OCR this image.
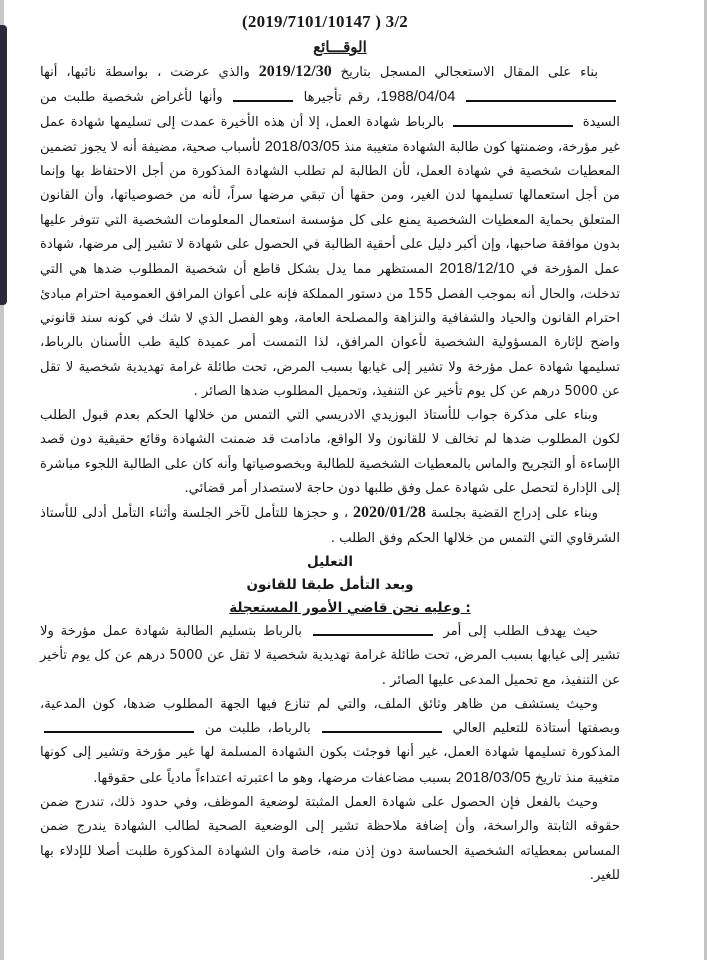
(2019/7101/10147 ) 3/2
الوقـــائع

بناء على المقال الاستعجالي المسجل بتاريخ 2019/12/30 والذي عرضت ، بواسطة نائبها، أنها  1988/04/04، رقم تأجيرها  وأنها لأغراض شخصية طلبت من السيدة  بالرباط شهادة العمل، إلا أن هذه الأخيرة عمدت إلى تسليمها شهادة عمل غير مؤرخة، وضمنتها كون طالبة الشهادة متغيبة منذ 2018/03/05 لأسباب صحية، مضيفة أنه لا يجوز تضمين المعطيات شخصية في شهادة العمل، لأن الطالبة لم تطلب الشهادة المذكورة من أجل الاحتفاظ بها وإنما من أجل استعمالها تسليمها لدن الغير، ومن حقها أن تبقي مرضها سراً، لأنه من خصوصياتها، وأن القانون المتعلق بحماية المعطيات الشخصية يمنع على كل مؤسسة استعمال المعلومات الشخصية التي تتوفر عليها بدون موافقة صاحبها، وإن أكبر دليل على أحقية الطالبة في الحصول على شهادة لا تشير إلى مرضها، شهادة عمل المؤرخة في 2018/12/10 المستظهر مما يدل بشكل قاطع أن شخصية المطلوب ضدها هي التي تدخلت، والحال أنه بموجب الفصل 155 من دستور المملكة فإنه على أعوان المرافق العمومية احترام مبادئ احترام القانون والحياد والشفافية والنزاهة والمصلحة العامة، وهو الفصل الذي لا شك في كونه سند قانوني واضح لإثارة المسؤولية الشخصية لأعوان المرافق، لذا التمست أمر عميدة كلية طب الأسنان بالرباط، تسليمها شهادة عمل مؤرخة ولا تشير إلى غيابها بسبب المرض، تحت طائلة غرامة تهديدية شخصية لا تقل عن 5000 درهم عن كل يوم تأخير عن التنفيذ، وتحميل المطلوب ضدها الصائر .

وبناء على مذكرة جواب للأستاذ البوزيدي الادريسي التي التمس من خلالها الحكم بعدم قبول الطلب لكون المطلوب ضدها لم تخالف لا للقانون ولا الواقع، مادامت قد ضمنت الشهادة وقائع حقيقية دون قصد الإساءة أو التجريح والماس بالمعطيات الشخصية للطالبة وبخصوصياتها وأنه كان على الطالبة اللجوء مباشرة إلى الإدارة لتحصل على شهادة عمل وفق طلبها دون حاجة لاستصدار أمر قضائي.

وبناء على إدراج القضية بجلسة 2020/01/28 ، و حجزها للتأمل لآخر الجلسة وأثناء التأمل أدلى للأستاذ الشرقاوي التي التمس من خلالها الحكم وفق الطلب .

التعليل
وبعد التأمل طبقا للقانون
وعليه نحن قاضي الأمور المستعجلة :

حيث يهدف الطلب إلى أمر  بالرباط بتسليم الطالبة شهادة عمل مؤرخة ولا تشير إلى غيابها بسبب المرض، تحت طائلة غرامة تهديدية شخصية لا تقل عن 5000 درهم عن كل يوم تأخير عن التنفيذ، مع تحميل المدعى عليها الصائر .

وحيث يستشف من ظاهر وثائق الملف، والتي لم تنازع فيها الجهة المطلوب ضدها، كون المدعية، وبصفتها أستاذة للتعليم العالي  بالرباط، طلبت من  المذكورة تسليمها شهادة العمل، غير أنها فوجئت بكون الشهادة المسلمة لها غير مؤرخة وتشير إلى كونها متغيبة منذ تاريخ 2018/03/05 بسبب مضاعفات مرضها، وهو ما اعتبرته اعتداءاً مادياً على حقوقها.

وحيث بالفعل فإن الحصول على شهادة العمل المثبتة لوضعية الموظف، وفي حدود ذلك، تندرج ضمن حقوقه الثابتة والراسخة، وأن إضافة ملاحظة تشير إلى الوضعية الصحية لطالب الشهادة يندرج ضمن المساس بمعطياته الشخصية الحساسة دون إذن منه، خاصة وان الشهادة المذكورة طلبت أصلا للإدلاء بها للغير.
